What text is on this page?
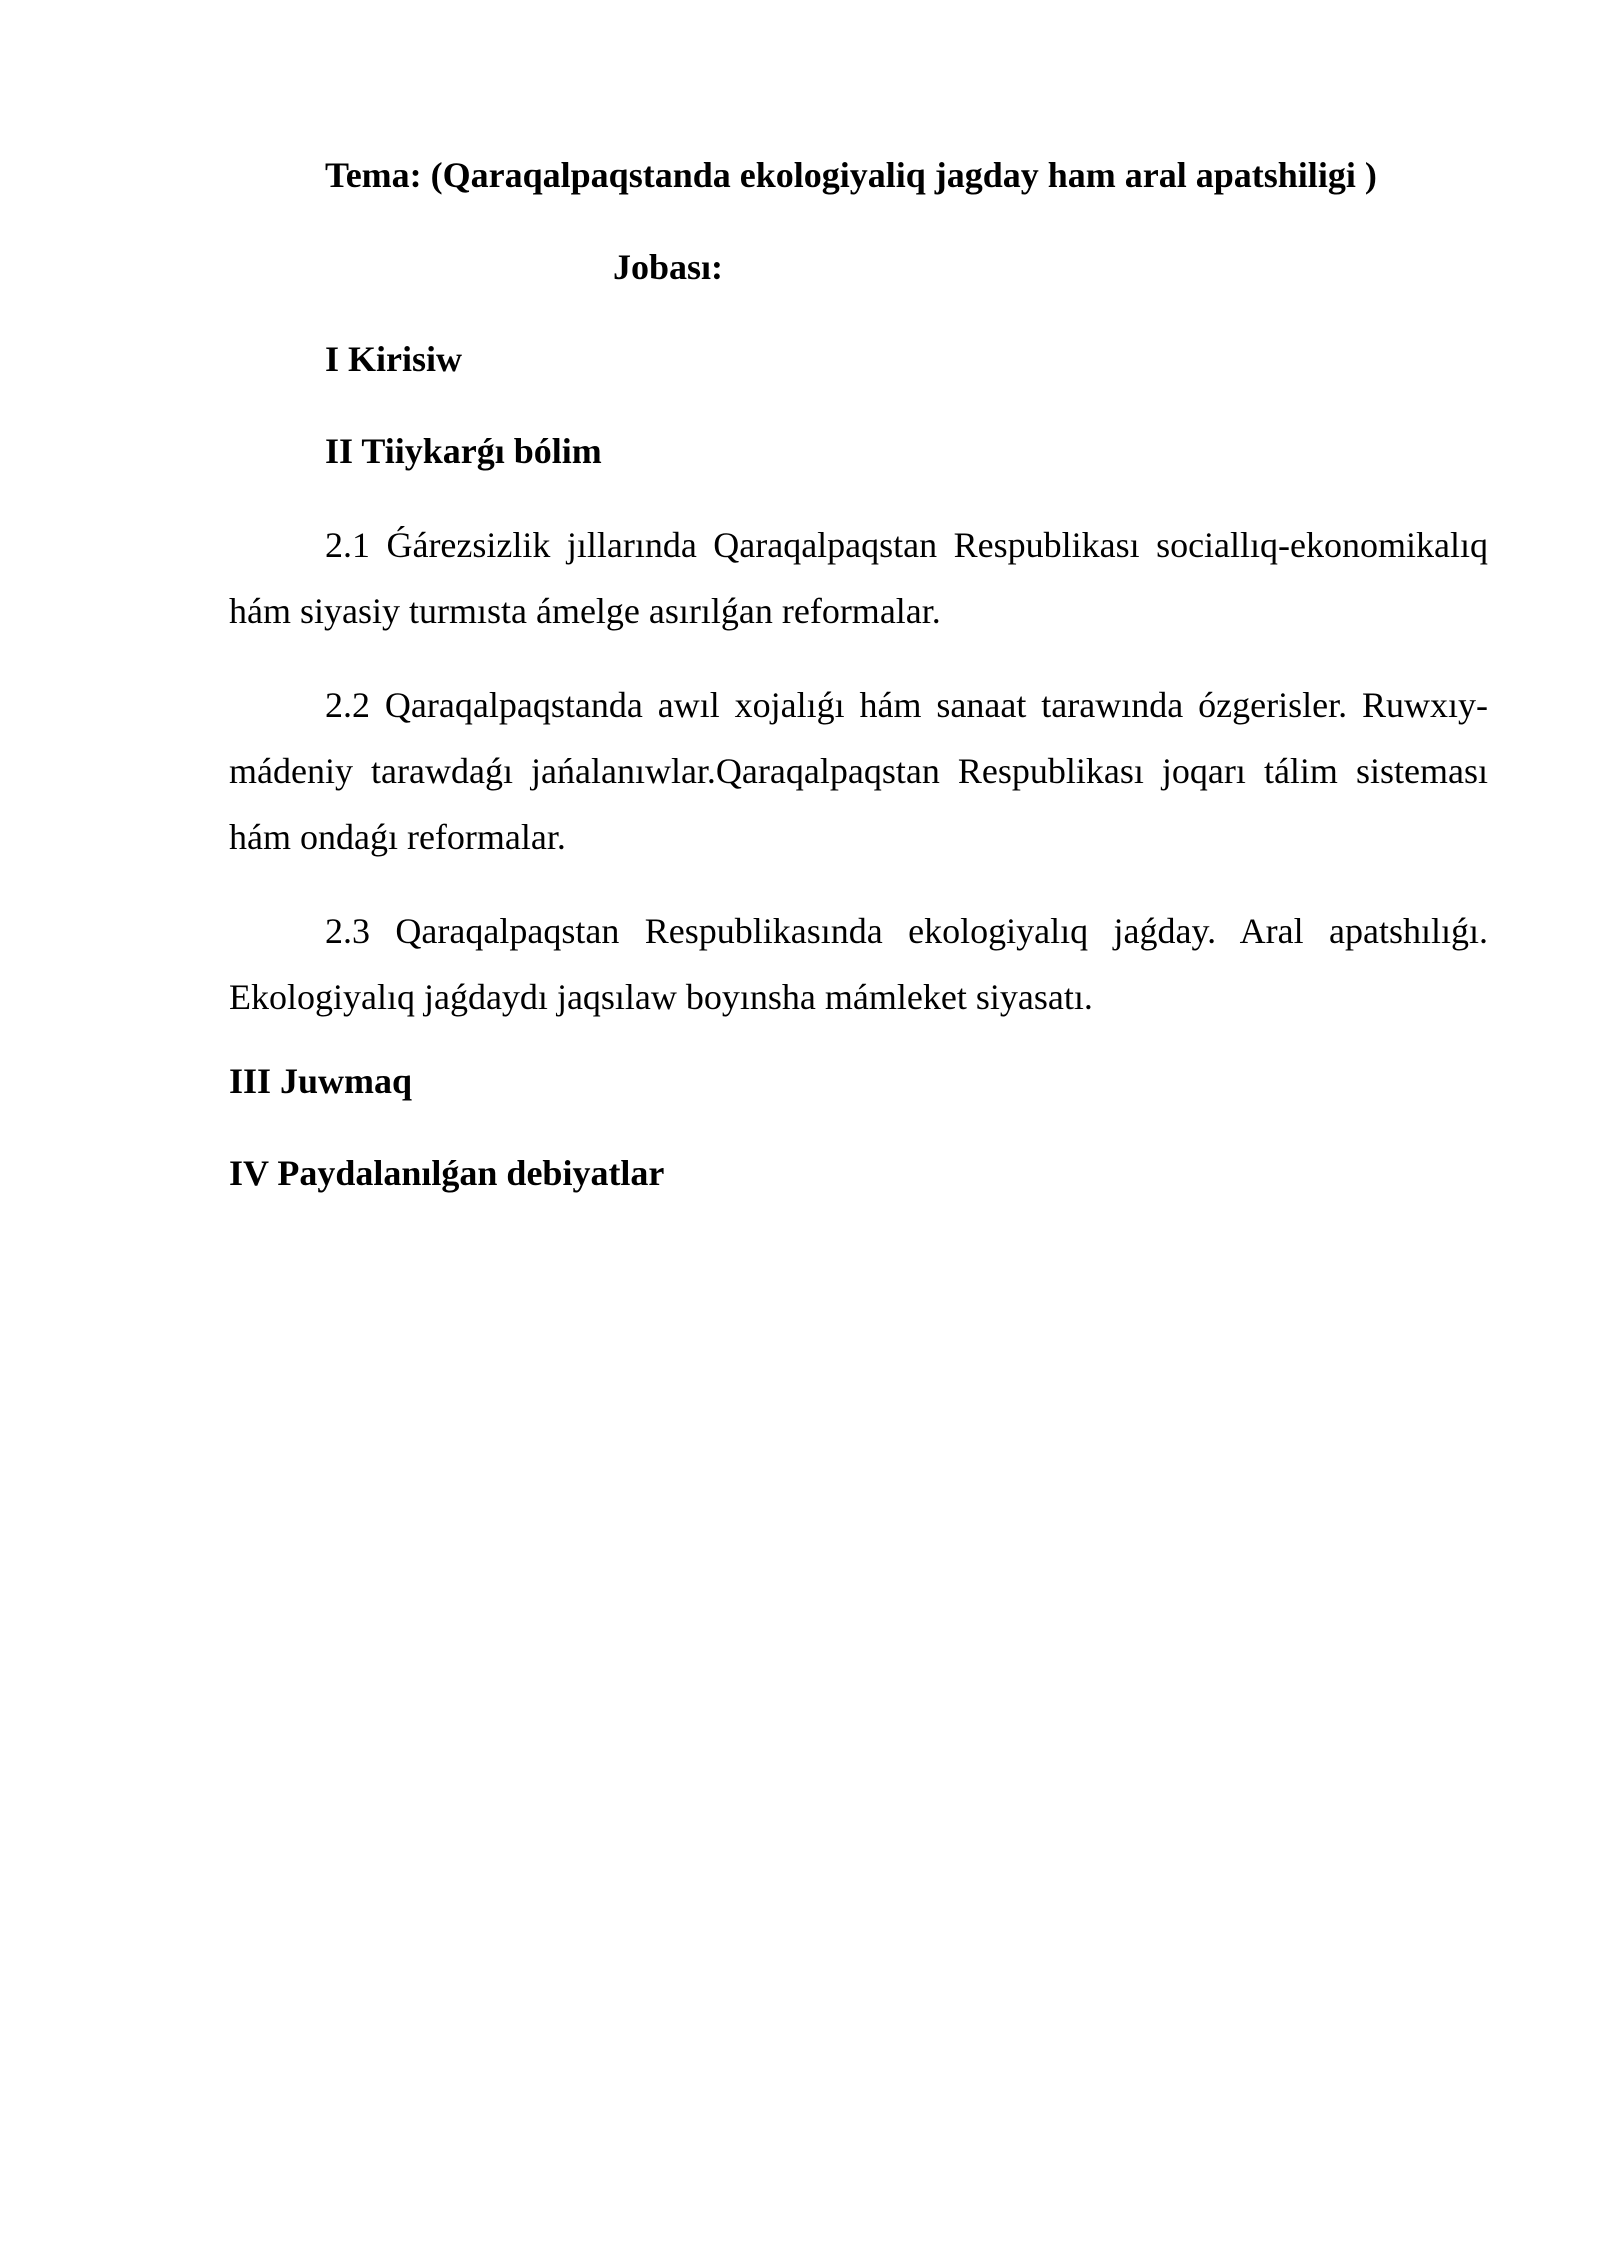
Tema: (Qaraqalpaqstanda ekologiyaliq jagday ham aral apatshiligi )
Jobası:
I Kirisiw
II Tiiykarǵı bólim

2.1 Ǵárezsizlik jıllarında Qaraqalpaqstan Respublikası sociallıq-ekonomikalıq hám siyasiy turmısta ámelge asırılǵan reformalar.

2.2 Qaraqalpaqstanda awıl xojalıǵı hám sanaat tarawında ózgerisler. Ruwxıy-mádeniy tarawdaǵı jańalanıwlar.Qaraqalpaqstan Respublikası joqarı tálim sisteması hám ondaǵı reformalar.

2.3 Qaraqalpaqstan Respublikasında ekologiyalıq jaǵday. Aral apatshılıǵı. Ekologiyalıq jaǵdaydı jaqsılaw boyınsha mámleket siyasatı.

III Juwmaq
IV Paydalanılǵan debiyatlar
